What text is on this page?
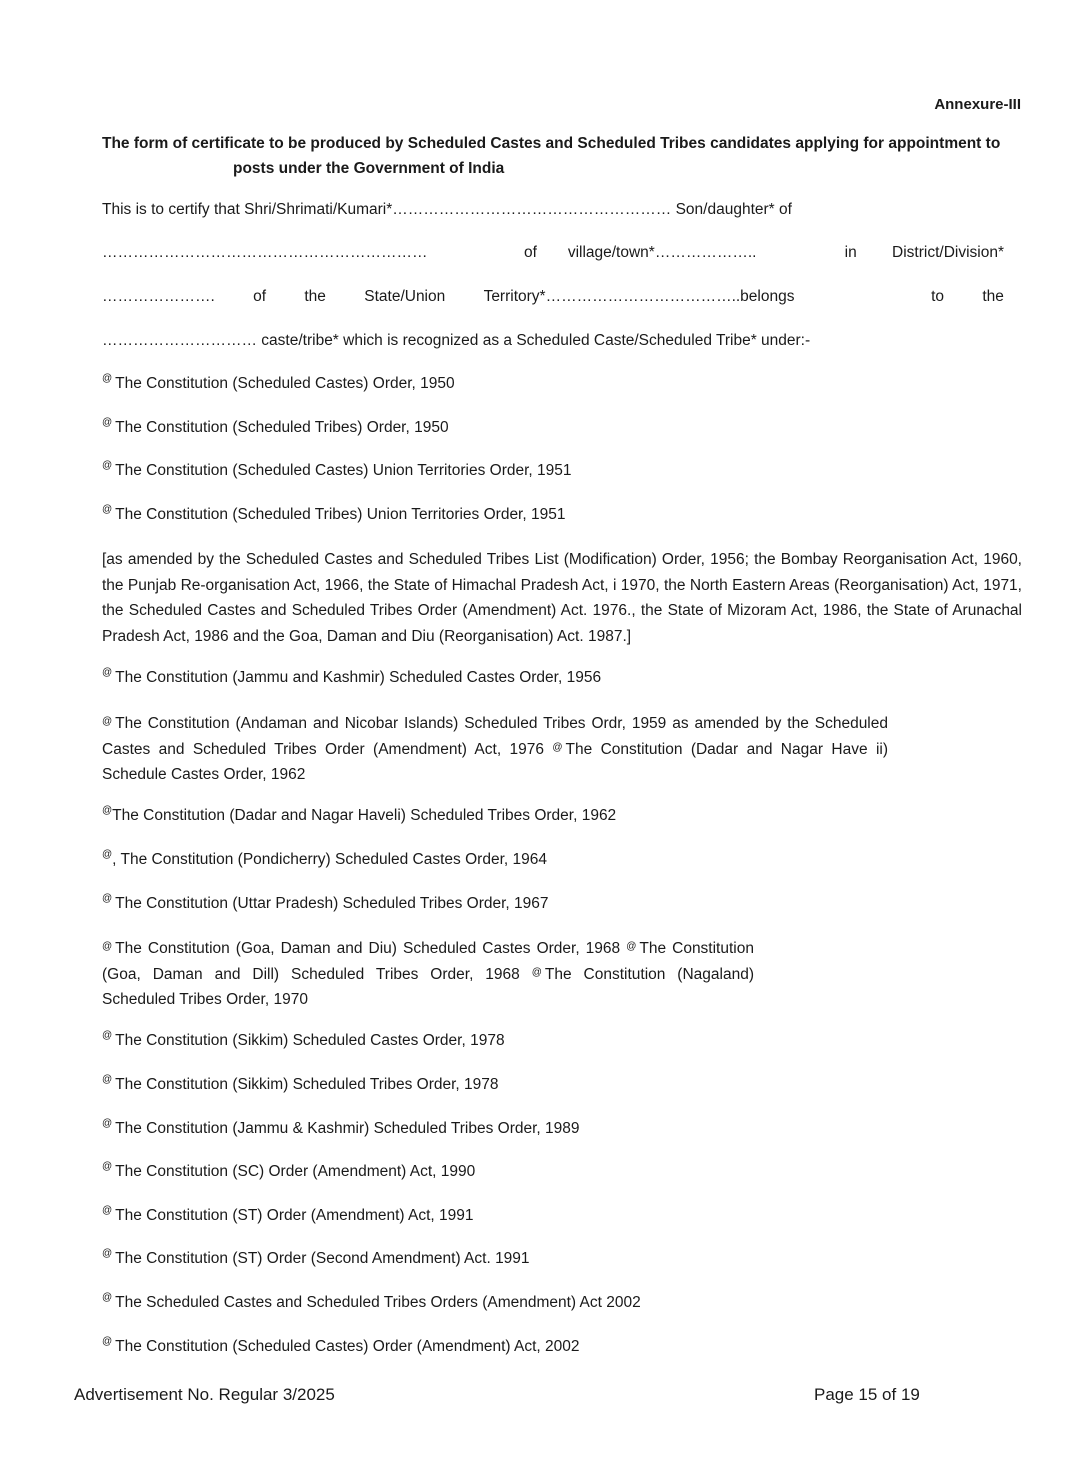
Annexure-III
The form of certificate to be produced by Scheduled Castes and Scheduled Tribes candidates applying for appointment to
posts under the Government of India
This is to certify that Shri/Shrimati/Kumari*……………………………………………… Son/daughter* of
………………………………………………………	of village/town*………………..	in District/Division*
…………………. of the State/Union Territory*………………………………..belongs	to the
………………………… caste/tribe* which is recognized as a Scheduled Caste/Scheduled Tribe* under:-
@ The Constitution (Scheduled Castes) Order, 1950
@ The Constitution (Scheduled Tribes) Order, 1950
@ The Constitution (Scheduled Castes) Union Territories Order, 1951
@ The Constitution (Scheduled Tribes) Union Territories Order, 1951
[as amended by the Scheduled Castes and Scheduled Tribes List (Modification) Order, 1956; the Bombay Reorganisation Act, 1960, the Punjab Re-organisation Act, 1966, the State of Himachal Pradesh Act, i 1970, the North Eastern Areas (Reorganisation) Act, 1971, the Scheduled Castes and Scheduled Tribes Order (Amendment) Act. 1976., the State of Mizoram Act, 1986, the State of Arunachal Pradesh Act, 1986 and the Goa, Daman and Diu (Reorganisation) Act. 1987.]
@ The Constitution (Jammu and Kashmir) Scheduled Castes Order, 1956
@ The Constitution (Andaman and Nicobar Islands) Scheduled Tribes Ordr, 1959 as amended by the Scheduled Castes and Scheduled Tribes Order (Amendment) Act, 1976 @ The Constitution (Dadar and Nagar Have ii) Schedule Castes Order, 1962
@The Constitution (Dadar and Nagar Haveli) Scheduled Tribes Order, 1962
@, The Constitution (Pondicherry) Scheduled Castes Order, 1964
@ The Constitution (Uttar Pradesh) Scheduled Tribes Order, 1967
@ The Constitution (Goa, Daman and Diu) Scheduled Castes Order, 1968 @ The Constitution (Goa, Daman and Dill) Scheduled Tribes Order, 1968 @ The Constitution (Nagaland) Scheduled Tribes Order, 1970
@ The Constitution (Sikkim) Scheduled Castes Order, 1978
@ The Constitution (Sikkim) Scheduled Tribes Order, 1978
@ The Constitution (Jammu & Kashmir) Scheduled Tribes Order, 1989
@ The Constitution (SC) Order (Amendment) Act, 1990
@ The Constitution (ST) Order (Amendment) Act, 1991
@ The Constitution (ST) Order (Second Amendment) Act. 1991
@ The Scheduled Castes and Scheduled Tribes Orders (Amendment) Act 2002
@ The Constitution (Scheduled Castes) Order (Amendment) Act, 2002
Advertisement No. Regular 3/2025	Page 15 of 19
